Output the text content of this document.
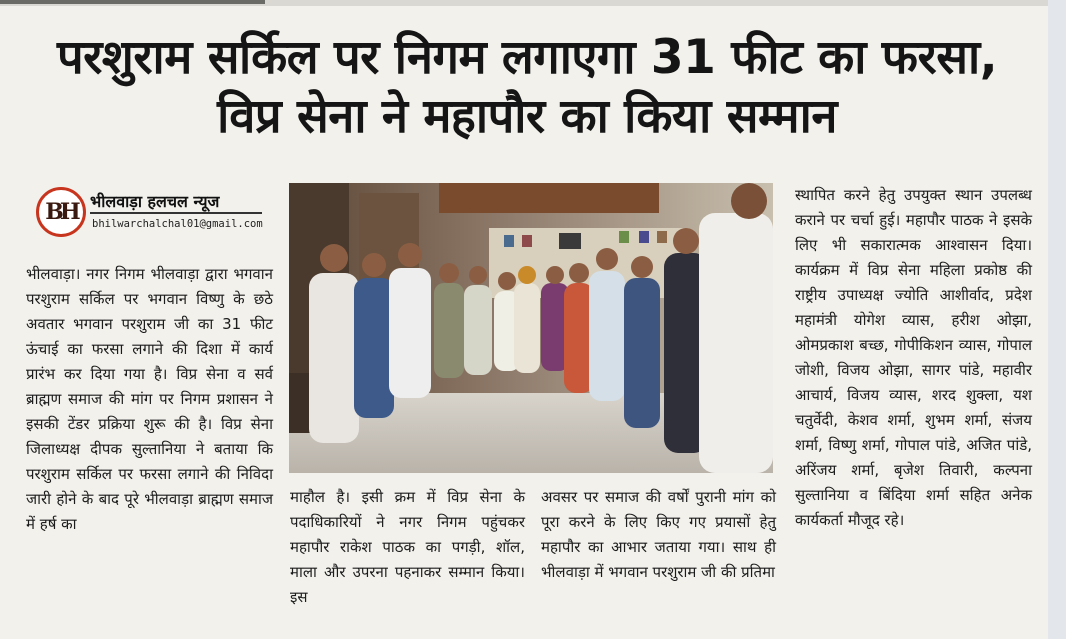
परशुराम सर्किल पर निगम लगाएगा 31 फीट का फरसा, विप्र सेना ने महापौर का किया सम्मान
BH भीलवाड़ा हलचल न्यूज
bhilwarchalchal01@gmail.com
भीलवाड़ा। नगर निगम भीलवाड़ा द्वारा भगवान परशुराम सर्किल पर भगवान विष्णु के छठे अवतार भगवान परशुराम जी का 31 फीट ऊंचाई का फरसा लगाने की दिशा में कार्य प्रारंभ कर दिया गया है। विप्र सेना व सर्व ब्राह्मण समाज की मांग पर निगम प्रशासन ने इसकी टेंडर प्रक्रिया शुरू की है। विप्र सेना जिलाध्यक्ष दीपक सुल्तानिया ने बताया कि परशुराम सर्किल पर फरसा लगाने की निविदा जारी होने के बाद पूरे भीलवाड़ा ब्राह्मण समाज में हर्ष का
माहौल है। इसी क्रम में विप्र सेना के पदाधिकारियों ने नगर निगम पहुंचकर महापौर राकेश पाठक का पगड़ी, शॉल, माला और उपरना पहनाकर सम्मान किया। इस
अवसर पर समाज की वर्षों पुरानी मांग को पूरा करने के लिए किए गए प्रयासों हेतु महापौर का आभार जताया गया। साथ ही भीलवाड़ा में भगवान परशुराम जी की प्रतिमा
स्थापित करने हेतु उपयुक्त स्थान उपलब्ध कराने पर चर्चा हुई। महापौर पाठक ने इसके लिए भी सकारात्मक आश्वासन दिया। कार्यक्रम में विप्र सेना महिला प्रकोष्ठ की राष्ट्रीय उपाध्यक्ष ज्योति आशीर्वाद, प्रदेश महामंत्री योगेश व्यास, हरीश ओझा, ओमप्रकाश बच्छ, गोपीकिशन व्यास, गोपाल जोशी, विजय ओझा, सागर पांडे, महावीर आचार्य, विजय व्यास, शरद शुक्ला, यश चतुर्वेदी, केशव शर्मा, शुभम शर्मा, संजय शर्मा, विष्णु शर्मा, गोपाल पांडे, अजित पांडे, अरिंजय शर्मा, बृजेश तिवारी, कल्पना सुल्तानिया व बिंदिया शर्मा सहित अनेक कार्यकर्ता मौजूद रहे।
